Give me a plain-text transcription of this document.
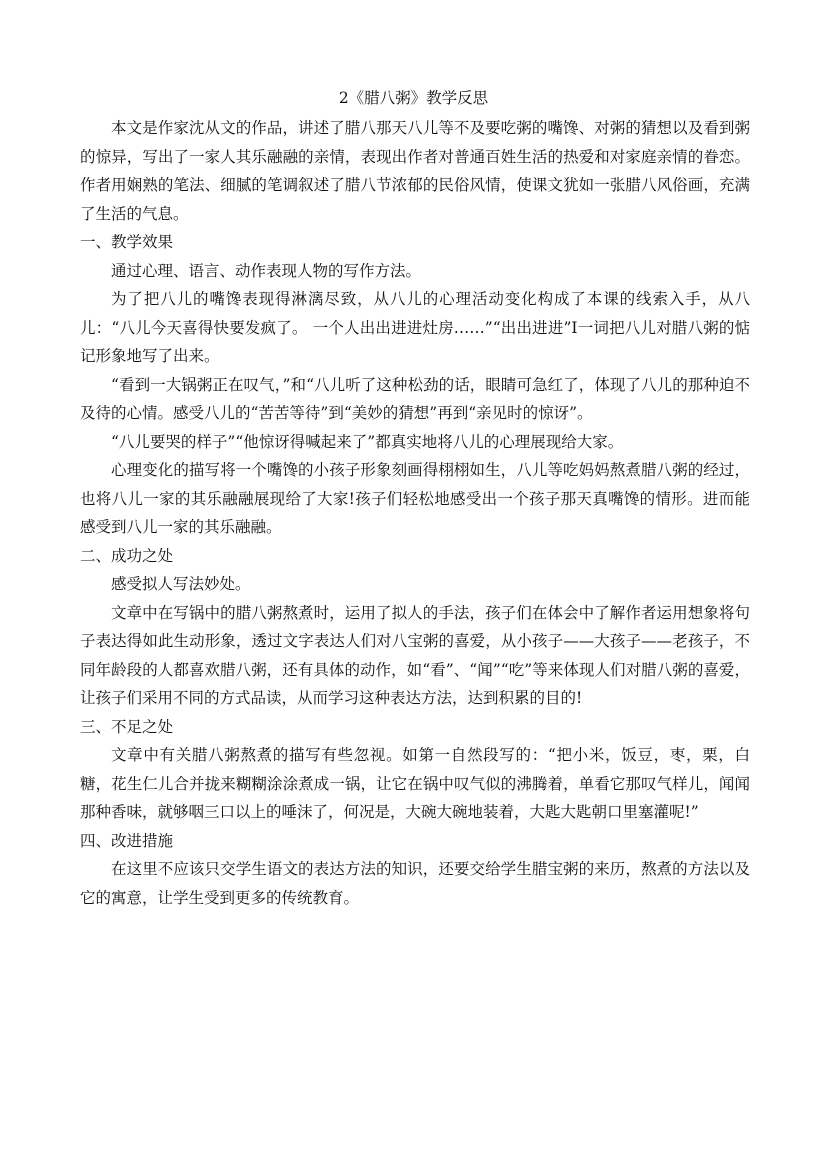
2《腊八粥》教学反思

本文是作家沈从文的作品，讲述了腊八那天八儿等不及要吃粥的嘴馋、对粥的猜想以及看到粥的惊异，写出了一家人其乐融融的亲情，表现出作者对普通百姓生活的热爱和对家庭亲情的眷恋。作者用娴熟的笔法、细腻的笔调叙述了腊八节浓郁的民俗风情，使课文犹如一张腊八风俗画，充满了生活的气息。

一、教学效果

通过心理、语言、动作表现人物的写作方法。

为了把八儿的嘴馋表现得淋漓尽致，从八儿的心理活动变化构成了本课的线索入手，从八儿：“八儿今天喜得快要发疯了。 一个人出出进进灶房……”“出出进进”I一词把八儿对腊八粥的惦记形象地写了出来。

“看到一大锅粥正在叹气，”和“八儿听了这种松劲的话，眼睛可急红了，体现了八儿的那种迫不及待的心情。感受八儿的“苦苦等待”到“美妙的猜想”再到“亲见时的惊讶”。

“八儿要哭的样子”“他惊讶得喊起来了”都真实地将八儿的心理展现给大家。

心理变化的描写将一个嘴馋的小孩子形象刻画得栩栩如生，八儿等吃妈妈熬煮腊八粥的经过，也将八儿一家的其乐融融展现给了大家!孩子们轻松地感受出一个孩子那天真嘴馋的情形。进而能感受到八儿一家的其乐融融。

二、成功之处

感受拟人写法妙处。

文章中在写锅中的腊八粥熬煮时，运用了拟人的手法，孩子们在体会中了解作者运用想象将句子表达得如此生动形象，透过文字表达人们对八宝粥的喜爱，从小孩子——大孩子——老孩子，不同年龄段的人都喜欢腊八粥，还有具体的动作，如“看”、“闻”“吃”等来体现人们对腊八粥的喜爱，让孩子们采用不同的方式品读，从而学习这种表达方法，达到积累的目的!

三、不足之处

文章中有关腊八粥熬煮的描写有些忽视。如第一自然段写的：“把小米，饭豆，枣，栗，白糖，花生仁儿合并拢来糊糊涂涂煮成一锅，让它在锅中叹气似的沸腾着，单看它那叹气样儿，闻闻那种香味，就够咽三口以上的唾沫了，何况是，大碗大碗地装着，大匙大匙朝口里塞灌呢!”

四、改进措施

在这里不应该只交学生语文的表达方法的知识，还要交给学生腊宝粥的来历，熬煮的方法以及它的寓意，让学生受到更多的传统教育。
